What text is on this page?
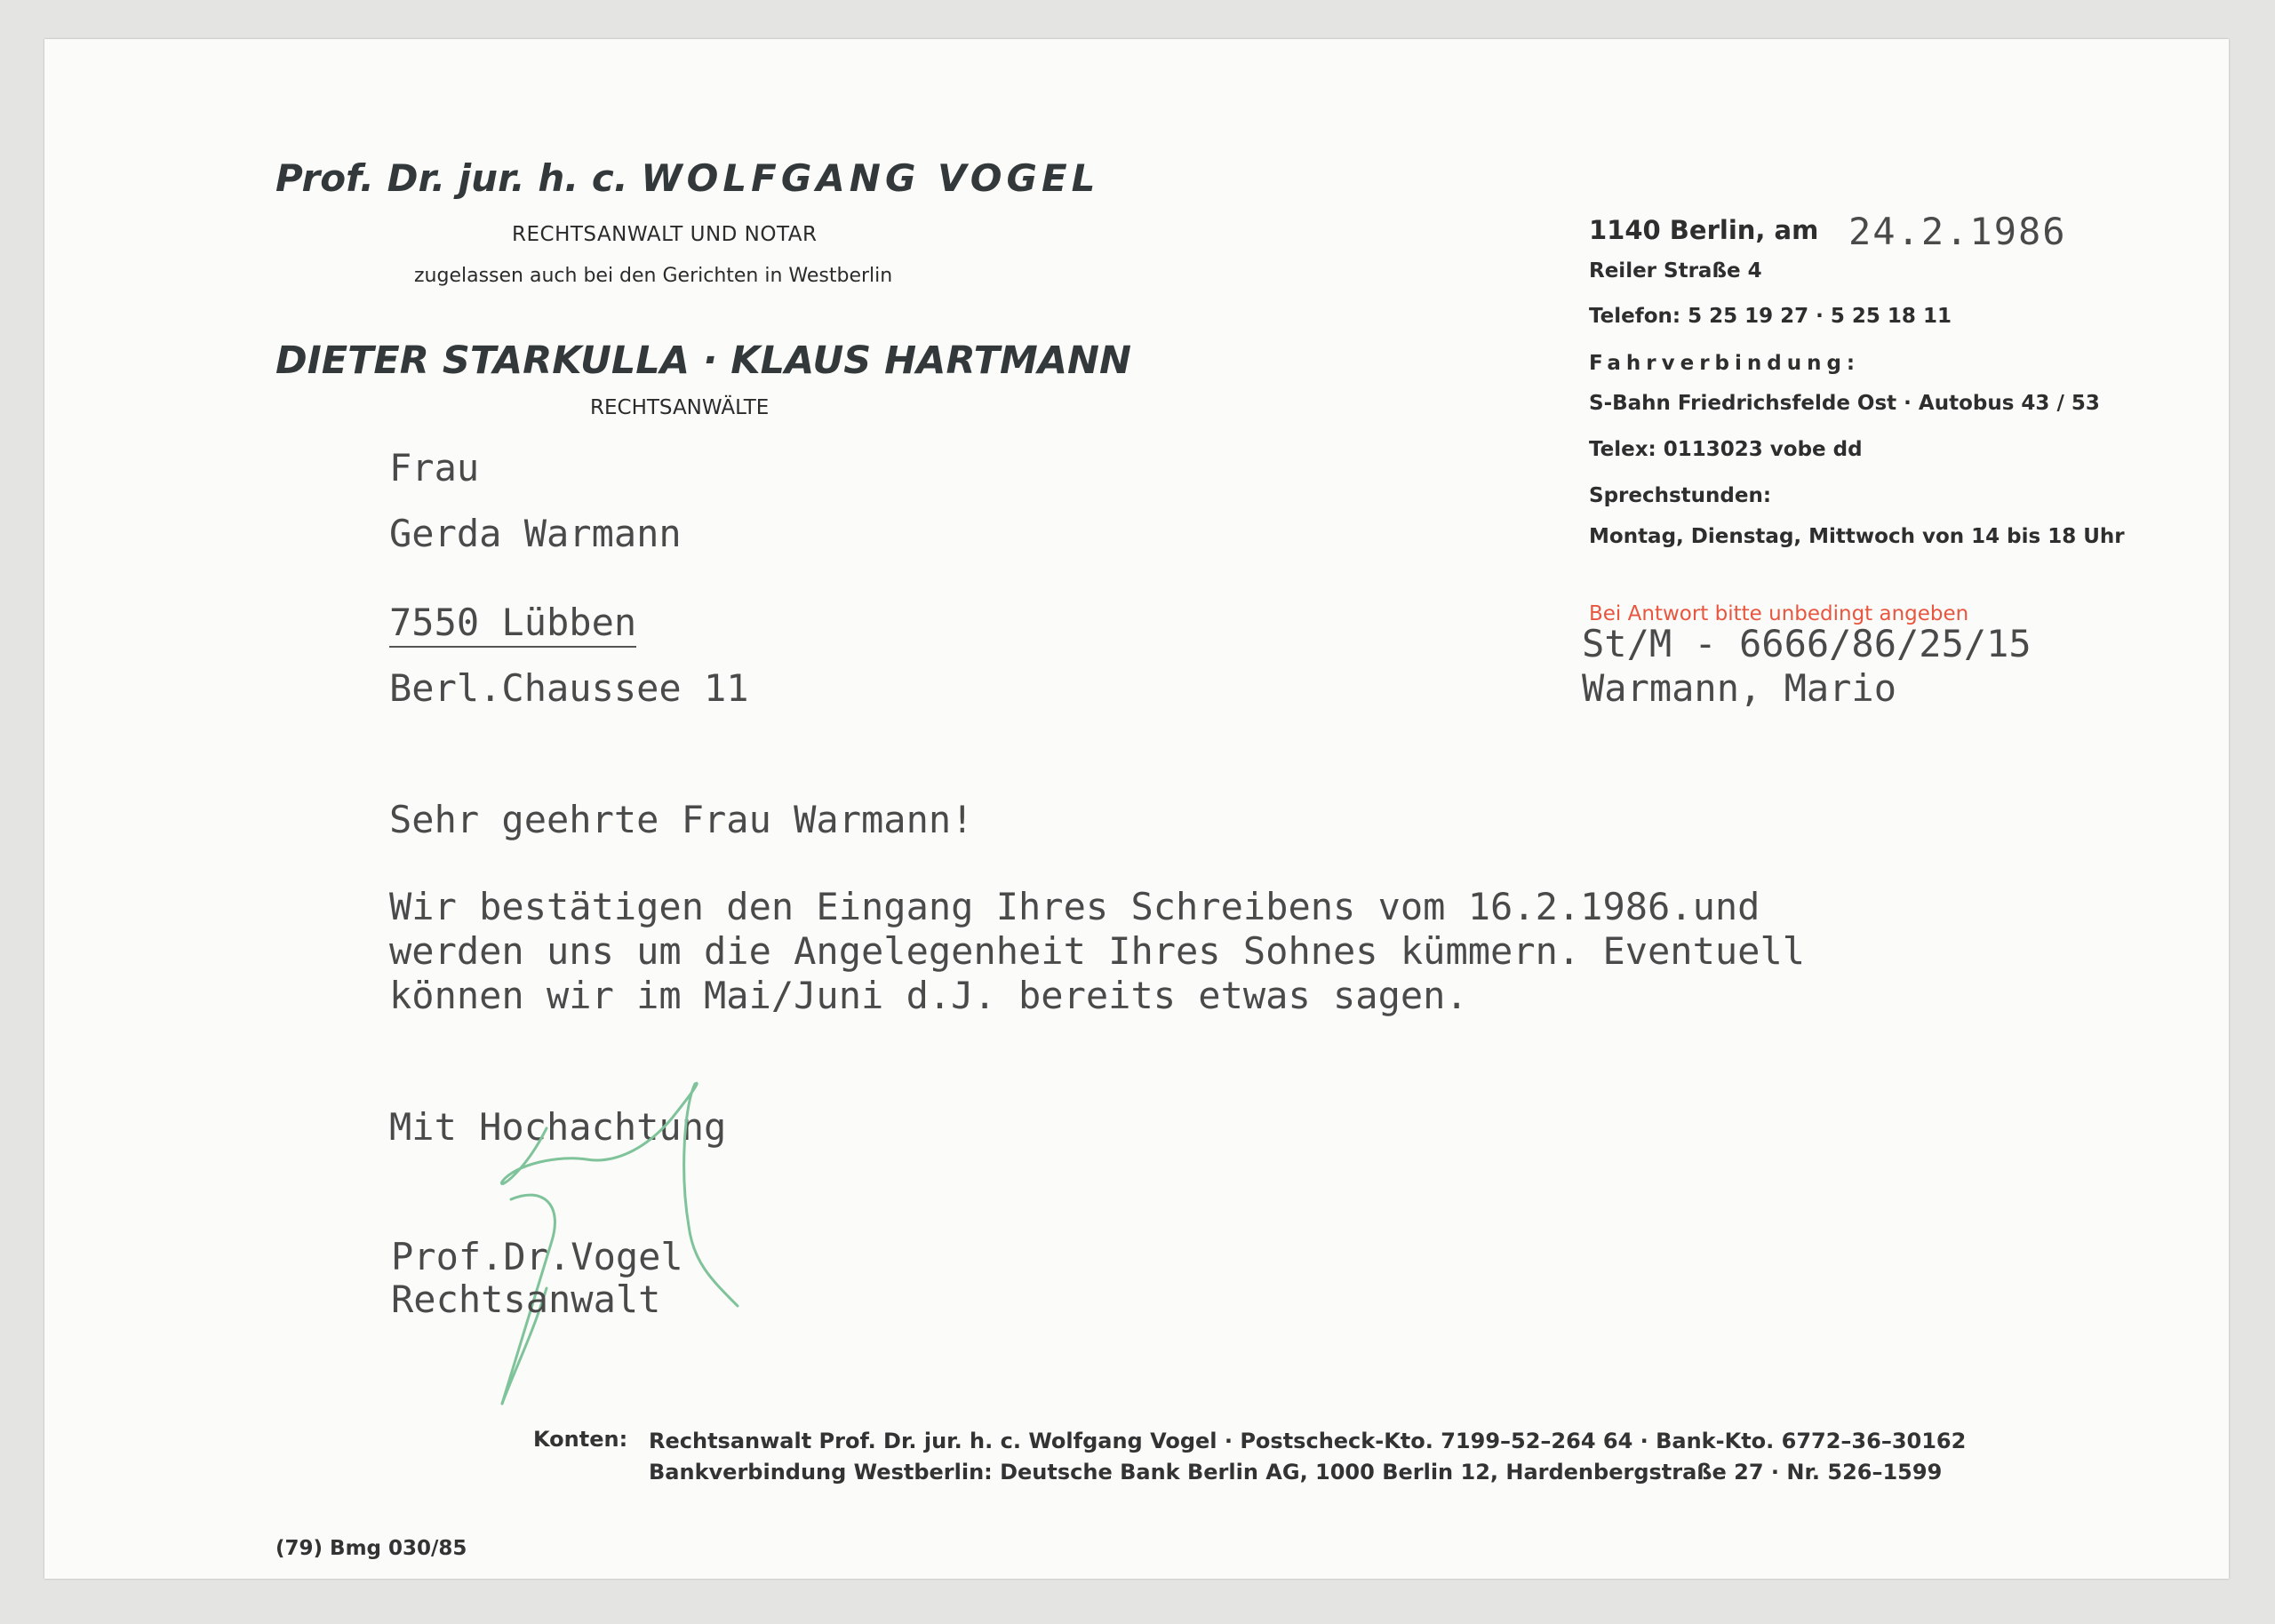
Prof. Dr. jur. h. c. WOLFGANG VOGEL
RECHTSANWALT UND NOTAR
zugelassen auch bei den Gerichten in Westberlin
DIETER STARKULLA · KLAUS HARTMANN
RECHTSANWÄLTE
1140 Berlin, am 24.2.1986
Reiler Straße 4
Telefon: 5 25 19 27 · 5 25 18 11
Fahrverbindung:
S-Bahn Friedrichsfelde Ost · Autobus 43 / 53
Telex: 0113023 vobe dd
Sprechstunden:
Montag, Dienstag, Mittwoch von 14 bis 18 Uhr
Bei Antwort bitte unbedingt angeben
St/M - 6666/86/25/15
Warmann, Mario
Frau
Gerda Warmann
7550 Lübben
Berl.Chaussee 11
Sehr geehrte Frau Warmann!
Wir bestätigen den Eingang Ihres Schreibens vom 16.2.1986.und
werden uns um die Angelegenheit Ihres Sohnes kümmern. Eventuell
können wir im Mai/Juni d.J. bereits etwas sagen.
Mit Hochachtung
Prof.Dr.Vogel
Rechtsanwalt
Konten: Rechtsanwalt Prof. Dr. jur. h. c. Wolfgang Vogel · Postscheck-Kto. 7199–52–264 64 · Bank-Kto. 6772–36–30162
Bankverbindung Westberlin: Deutsche Bank Berlin AG, 1000 Berlin 12, Hardenbergstraße 27 · Nr. 526–1599
(79) Bmg 030/85
